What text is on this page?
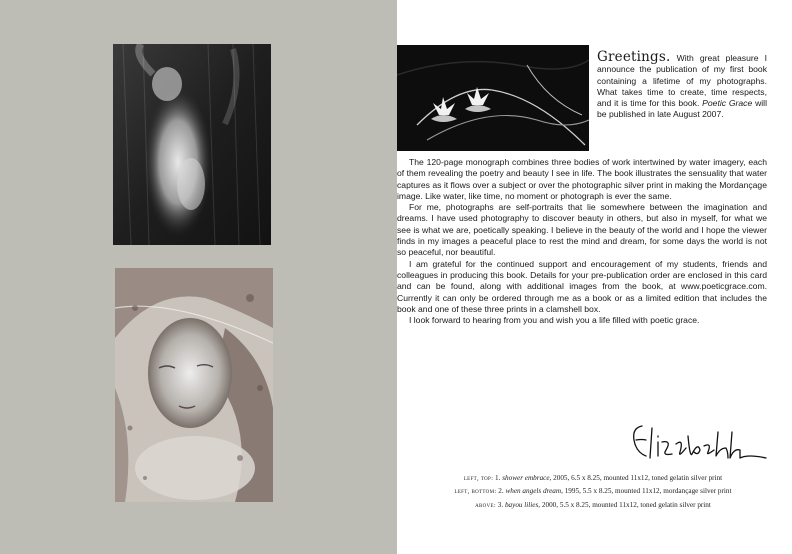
Greetings. With great pleasure I announce the publication of my first book containing a lifetime of my photographs. What takes time to create, time respects, and it is time for this book. Poetic Grace will be published in late August 2007.

The 120-page monograph combines three bodies of work intertwined by water imagery, each of them revealing the poetry and beauty I see in life. The book illustrates the sensuality that water captures as it flows over a subject or over the photographic silver print in making the Mordançage image. Like water, like time, no moment or photograph is ever the same.

For me, photographs are self-portraits that lie somewhere between the imagination and dreams. I have used photography to discover beauty in others, but also in myself, for what we see is what we are, poetically speaking. I believe in the beauty of the world and I hope the viewer finds in my images a peaceful place to rest the mind and dream, for some days the world is not so peaceful, nor beautiful.

I am grateful for the continued support and encouragement of my students, friends and colleagues in producing this book. Details for your pre-publication order are enclosed in this card and can be found, along with additional images from the book, at www.poeticgrace.com. Currently it can only be ordered through me as a book or as a limited edition that includes the book and one of these three prints in a clamshell box.

I look forward to hearing from you and wish you a life filled with poetic grace.

left, top: 1. shower embrace, 2005, 6.5 x 8.25, mounted 11x12, toned gelatin silver print
left, bottom: 2. when angels dream, 1995, 5.5 x 8.25, mounted 11x12, mordançage silver print
above: 3. bayou lilies, 2000, 5.5 x 8.25, mounted 11x12, toned gelatin silver print
